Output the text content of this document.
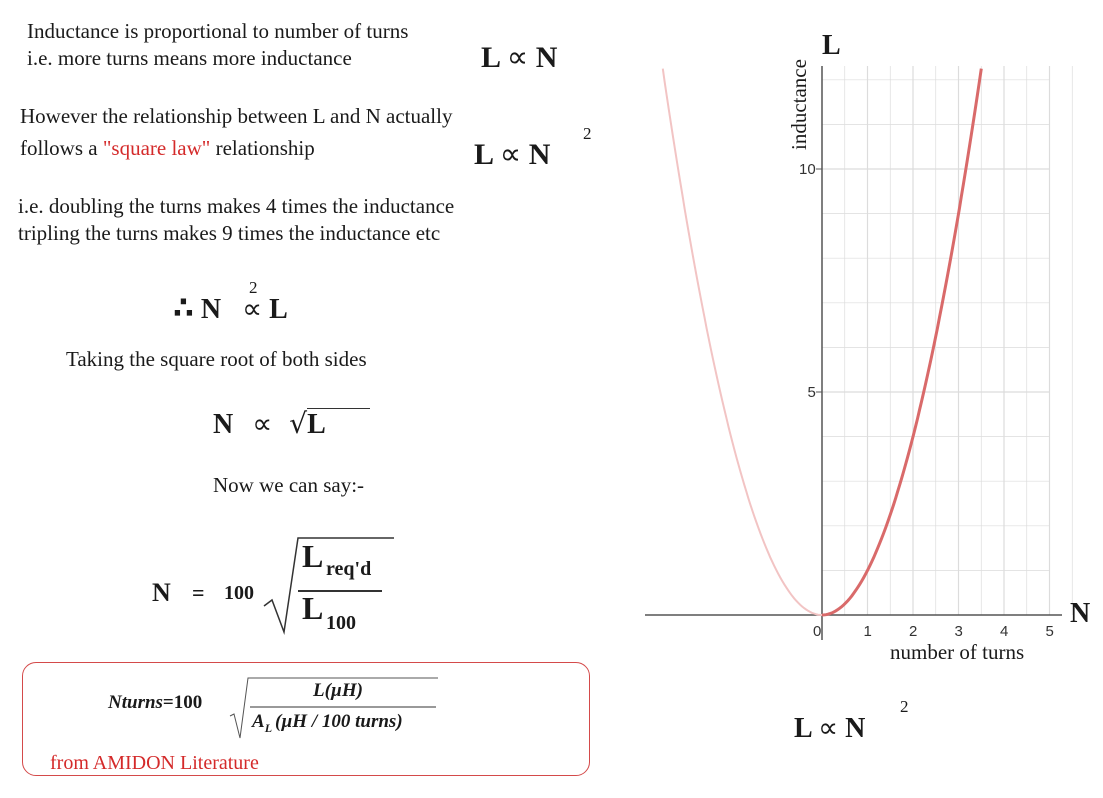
Inductance is proportional to number of turns
i.e. more turns means more inductance	L ∝ N
However the relationship between L and N actually
follows a "square law" relationship	L ∝ N
2
i.e. doubling the turns makes 4 times the inductance
tripling the turns makes 9 times the inductance etc
∴ N ∝ L
2
Taking the square root of both sides
N ∝ √L
Now we can say:-
N = 100
L req'd
L 100
Nturns=100
L(µH)
$A_L$ (µH / 100 turns)
from AMIDON Literature
0	1 2 3 4 5
5
10
inductance
L
N
number of turns
L ∝ N
2
